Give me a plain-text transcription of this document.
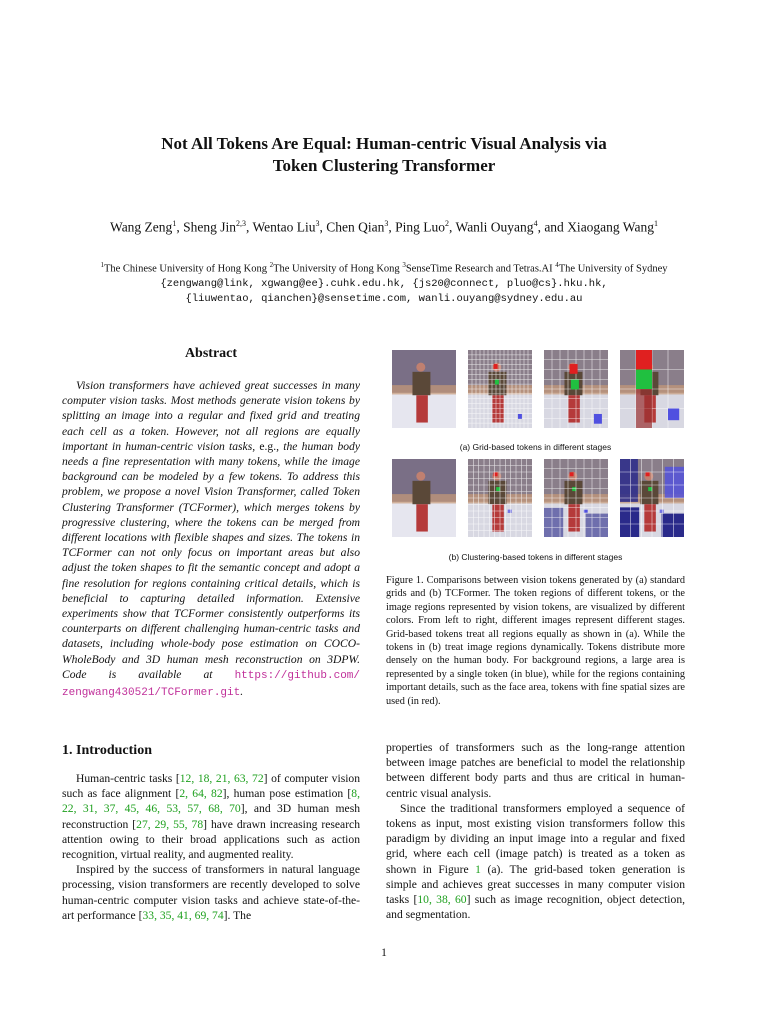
Not All Tokens Are Equal: Human-centric Visual Analysis via
Token Clustering Transformer
Wang Zeng$^1$, Sheng Jin$^{2,3}$, Wentao Liu$^3$, Chen Qian$^3$, Ping Luo$^2$, Wanli Ouyang$^4$, and Xiaogang Wang$^1$
$^1$The Chinese University of Hong Kong $^2$The University of Hong Kong $^3$SenseTime Research and Tetras.AI $^4$The University of Sydney
{zengwang@link, xgwang@ee}.cuhk.edu.hk, {js20@connect, pluo@cs}.hku.hk,
{liuwentao, qianchen}@sensetime.com, wanli.ouyang@sydney.edu.au
Abstract

Vision transformers have achieved great successes in many computer vision tasks. Most methods generate vision tokens by splitting an image into a regular and fixed grid and treating each cell as a token. However, not all regions are equally important in human-centric vision tasks, e.g., the human body needs a fine representation with many tokens, while the image background can be modeled by a few tokens. To address this problem, we propose a novel Vision Transformer, called Token Clustering Transformer (TCFormer), which merges tokens by progressive clustering, where the tokens can be merged from different locations with flexible shapes and sizes. The tokens in TCFormer can not only focus on important areas but also adjust the token shapes to fit the semantic concept and adopt a fine resolution for regions containing critical details, which is beneficial to capturing detailed information. Extensive experiments show that TCFormer consistently outperforms its counterparts on different challenging human-centric tasks and datasets, including whole-body pose estimation on COCO-WholeBody and 3D human mesh reconstruction on 3DPW. Code is available at https://github.com/ zengwang430521/TCFormer.git.

(a) Grid-based tokens in different stages
(b) Clustering-based tokens in different stages

Figure 1. Comparisons between vision tokens generated by (a) standard grids and (b) TCFormer. The token regions of different tokens, or the image regions represented by vision tokens, are visualized by different colors. From left to right, different images represent different stages. Grid-based tokens treat all regions equally as shown in (a). While the tokens in (b) treat image regions dynamically. Tokens distribute more densely on the human body. For background regions, a large area is represented by a single token (in blue), while for the regions containing important details, such as the face area, tokens with fine spatial sizes are used (in red).

1. Introduction

Human-centric tasks [12, 18, 21, 63, 72] of computer vision such as face alignment [2, 64, 82], human pose estimation [8, 22, 31, 37, 45, 46, 53, 57, 68, 70], and 3D human mesh reconstruction [27, 29, 55, 78] have drawn increasing research attention owing to their broad applications such as action recognition, virtual reality, and augmented reality.

Inspired by the success of transformers in natural language processing, vision transformers are recently developed to solve human-centric computer vision tasks and achieve state-of-the-art performance [33, 35, 41, 69, 74]. The

properties of transformers such as the long-range attention between image patches are beneficial to model the relationship between different body parts and thus are critical in human-centric visual analysis.

Since the traditional transformers employed a sequence of tokens as input, most existing vision transformers follow this paradigm by dividing an input image into a regular and fixed grid, where each cell (image patch) is treated as a token as shown in Figure 1 (a). The grid-based token generation is simple and achieves great successes in many computer vision tasks [10, 38, 60] such as image recognition, object detection, and segmentation.

1
